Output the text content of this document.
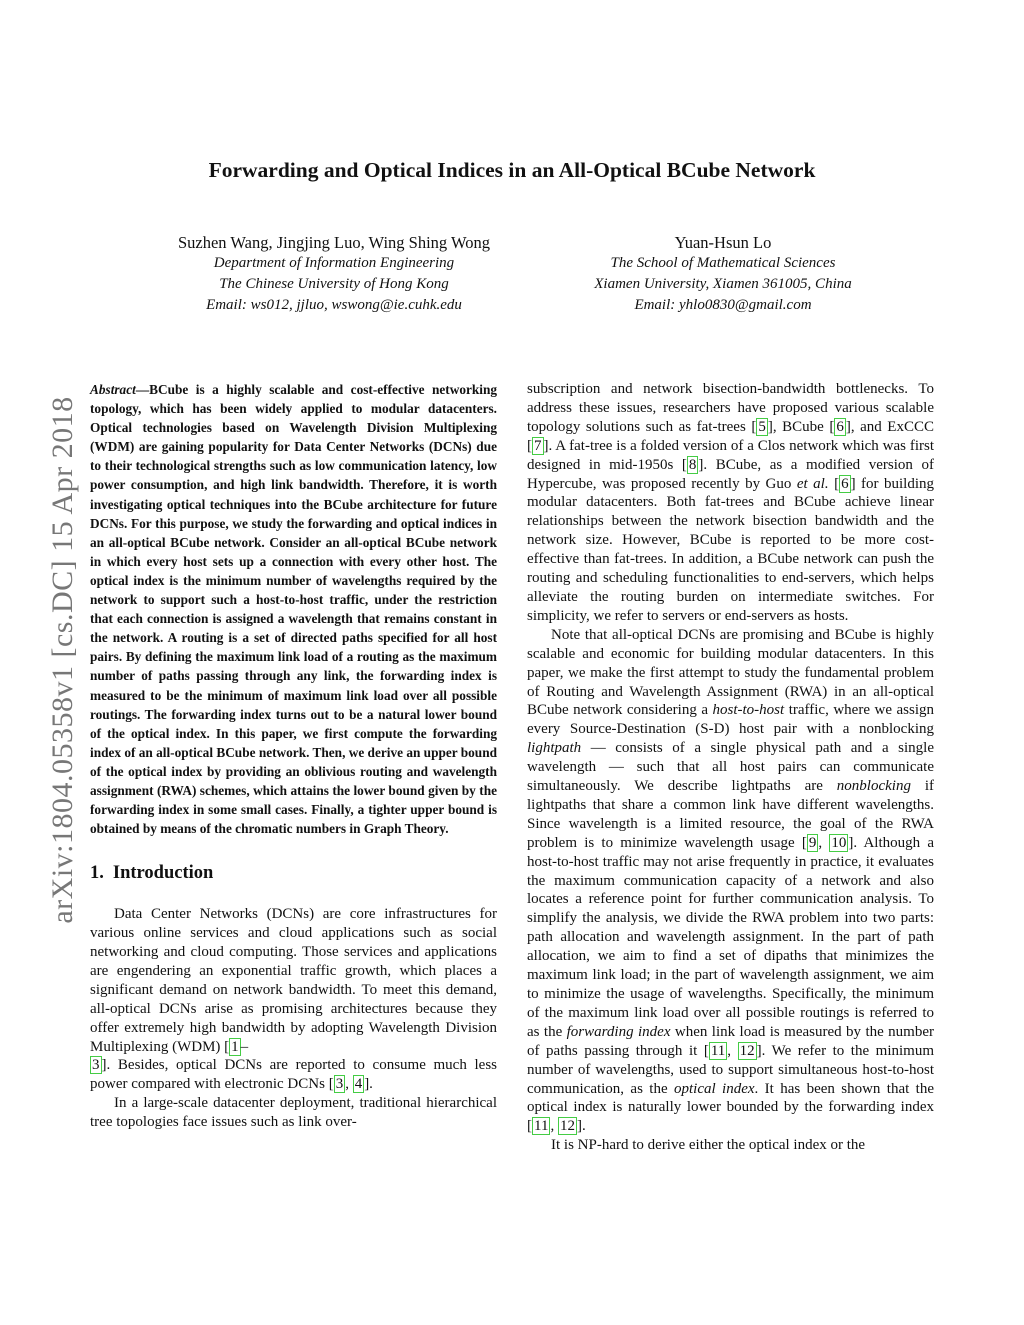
arXiv:1804.05358v1 [cs.DC] 15 Apr 2018
Forwarding and Optical Indices in an All-Optical BCube Network
Suzhen Wang, Jingjing Luo, Wing Shing Wong
Department of Information Engineering
The Chinese University of Hong Kong
Email: ws012, jjluo, wswong@ie.cuhk.edu
Yuan-Hsun Lo
The School of Mathematical Sciences
Xiamen University, Xiamen 361005, China
Email: yhlo0830@gmail.com

Abstract—BCube is a highly scalable and cost-effective networking topology, which has been widely applied to modular datacenters. Optical technologies based on Wavelength Division Multiplexing (WDM) are gaining popularity for Data Center Networks (DCNs) due to their technological strengths such as low communication latency, low power consumption, and high link bandwidth. Therefore, it is worth investigating optical techniques into the BCube architecture for future DCNs. For this purpose, we study the forwarding and optical indices in an all-optical BCube network. Consider an all-optical BCube network in which every host sets up a connection with every other host. The optical index is the minimum number of wavelengths required by the network to support such a host-to-host traffic, under the restriction that each connection is assigned a wavelength that remains constant in the network. A routing is a set of directed paths specified for all host pairs. By defining the maximum link load of a routing as the maximum number of paths passing through any link, the forwarding index is measured to be the minimum of maximum link load over all possible routings. The forwarding index turns out to be a natural lower bound of the optical index. In this paper, we first compute the forwarding index of an all-optical BCube network. Then, we derive an upper bound of the optical index by providing an oblivious routing and wavelength assignment (RWA) schemes, which attains the lower bound given by the forwarding index in some small cases. Finally, a tighter upper bound is obtained by means of the chromatic numbers in Graph Theory.

1. Introduction

Data Center Networks (DCNs) are core infrastructures for various online services and cloud applications such as social networking and cloud computing. Those services and applications are engendering an exponential traffic growth, which places a significant demand on network bandwidth. To meet this demand, all-optical DCNs arise as promising architectures because they offer extremely high bandwidth by adopting Wavelength Division Multiplexing (WDM) [ 1 –
3 ]. Besides, optical DCNs are reported to consume much less power compared with electronic DCNs [ 3 , 4 ].

In a large-scale datacenter deployment, traditional hierarchical tree topologies face issues such as link over-

subscription and network bisection-bandwidth bottlenecks. To address these issues, researchers have proposed various scalable topology solutions such as fat-trees [ 5 ], BCube [ 6 ], and ExCCC [ 7 ]. A fat-tree is a folded version of a Clos network which was first designed in mid-1950s [ 8 ]. BCube, as a modified version of Hypercube, was proposed recently by Guo et al. [ 6 ] for building modular datacenters. Both fat-trees and BCube achieve linear relationships between the network bisection bandwidth and the network size. However, BCube is reported to be more cost-effective than fat-trees. In addition, a BCube network can push the routing and scheduling functionalities to end-servers, which helps alleviate the routing burden on intermediate switches. For simplicity, we refer to servers or end-servers as hosts.

Note that all-optical DCNs are promising and BCube is highly scalable and economic for building modular datacenters. In this paper, we make the first attempt to study the fundamental problem of Routing and Wavelength Assignment (RWA) in an all-optical BCube network considering a host-to-host traffic, where we assign every Source-Destination (S-D) host pair with a nonblocking lightpath — consists of a single physical path and a single wavelength — such that all host pairs can communicate simultaneously. We describe lightpaths are nonblocking if lightpaths that share a common link have different wavelengths. Since wavelength is a limited resource, the goal of the RWA problem is to minimize wavelength usage [ 9 , 10 ]. Although a host-to-host traffic may not arise frequently in practice, it evaluates the maximum communication capacity of a network and also locates a reference point for further communication analysis. To simplify the analysis, we divide the RWA problem into two parts: path allocation and wavelength assignment. In the part of path allocation, we aim to find a set of dipaths that minimizes the maximum link load; in the part of wavelength assignment, we aim to minimize the usage of wavelengths. Specifically, the minimum of the maximum link load over all possible routings is referred to as the forwarding index when link load is measured by the number of paths passing through it [ 11 , 12 ]. We refer to the minimum number of wavelengths, used to support simultaneous host-to-host communication, as the optical index. It has been shown that the optical index is naturally lower bounded by the forwarding index [ 11 , 12 ].

It is NP-hard to derive either the optical index or the
